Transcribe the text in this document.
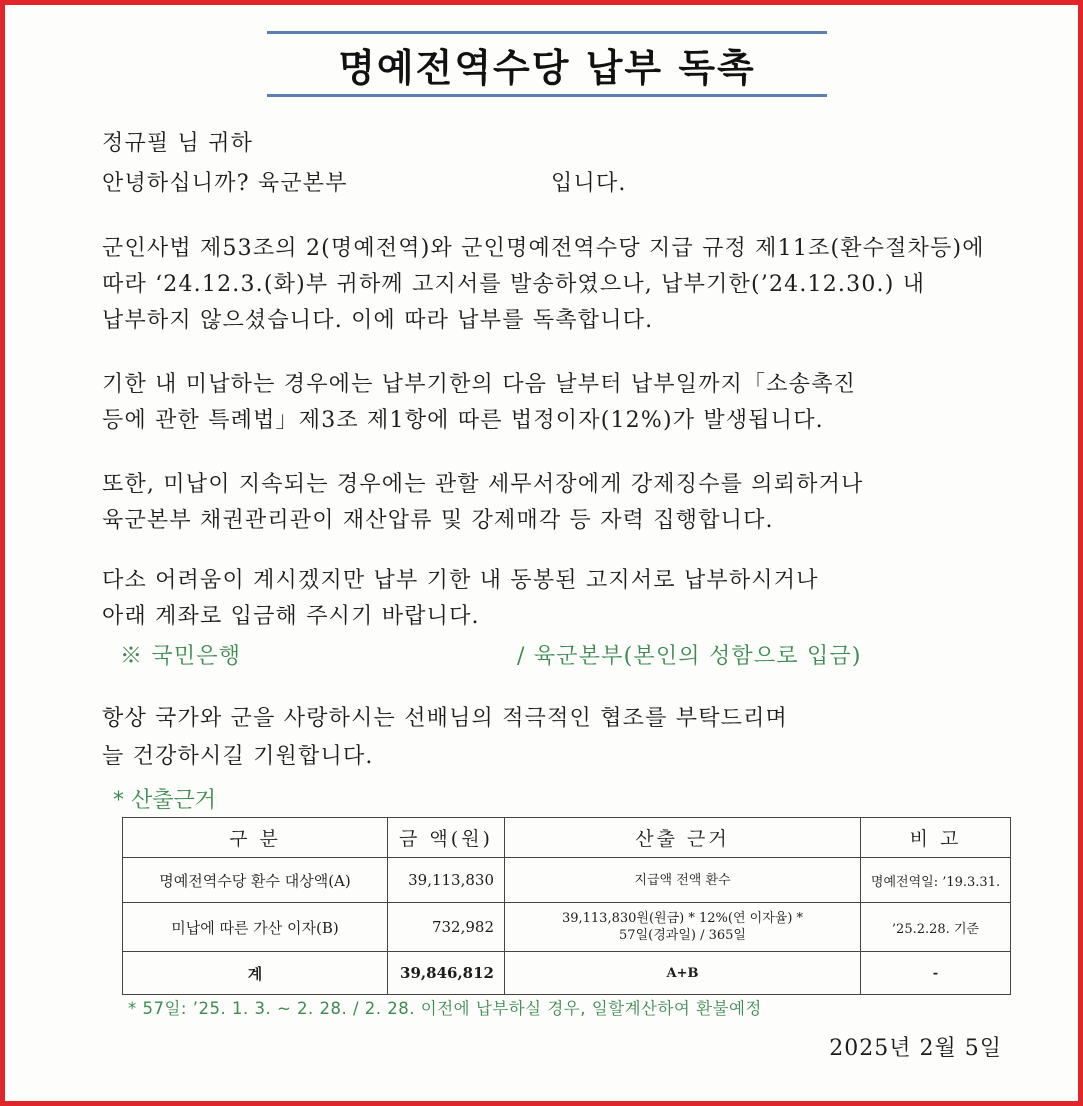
명예전역수당 납부 독촉
정규필 님 귀하
안녕하십니까? 육군본부	입니다.
군인사법 제53조의 2(명예전역)와 군인명예전역수당 지급 규정 제11조(환수절차등)에
따라 ‘24.12.3.(화)부 귀하께 고지서를 발송하였으나, 납부기한(’24.12.30.) 내
납부하지 않으셨습니다. 이에 따라 납부를 독촉합니다.
기한 내 미납하는 경우에는 납부기한의 다음 날부터 납부일까지「소송촉진
등에 관한 특례법」제3조 제1항에 따른 법정이자(12%)가 발생됩니다.
또한, 미납이 지속되는 경우에는 관할 세무서장에게 강제징수를 의뢰하거나
육군본부 채권관리관이 재산압류 및 강제매각 등 자력 집행합니다.
다소 어려움이 계시겠지만 납부 기한 내 동봉된 고지서로 납부하시거나
아래 계좌로 입금해 주시기 바랍니다.
※ 국민은행	/ 육군본부(본인의 성함으로 입금)
항상 국가와 군을 사랑하시는 선배님의 적극적인 협조를 부탁드리며
늘 건강하시길 기원합니다.
* 산출근거
구 분	금 액(원)	산출 근거	비 고
명예전역수당 환수 대상액(A)	39,113,830	지급액 전액 환수	명예전역일: ’19.3.31.
미납에 따른 가산 이자(B)	732,982	39,113,830원(원금) * 12%(연 이자율) *
57일(경과일) / 365일	’25.2.28. 기준
계	39,846,812	A+B	-
* 57일: ’25. 1. 3. ~ 2. 28. / 2. 28. 이전에 납부하실 경우, 일할계산하여 환불예정
2025년 2월 5일
